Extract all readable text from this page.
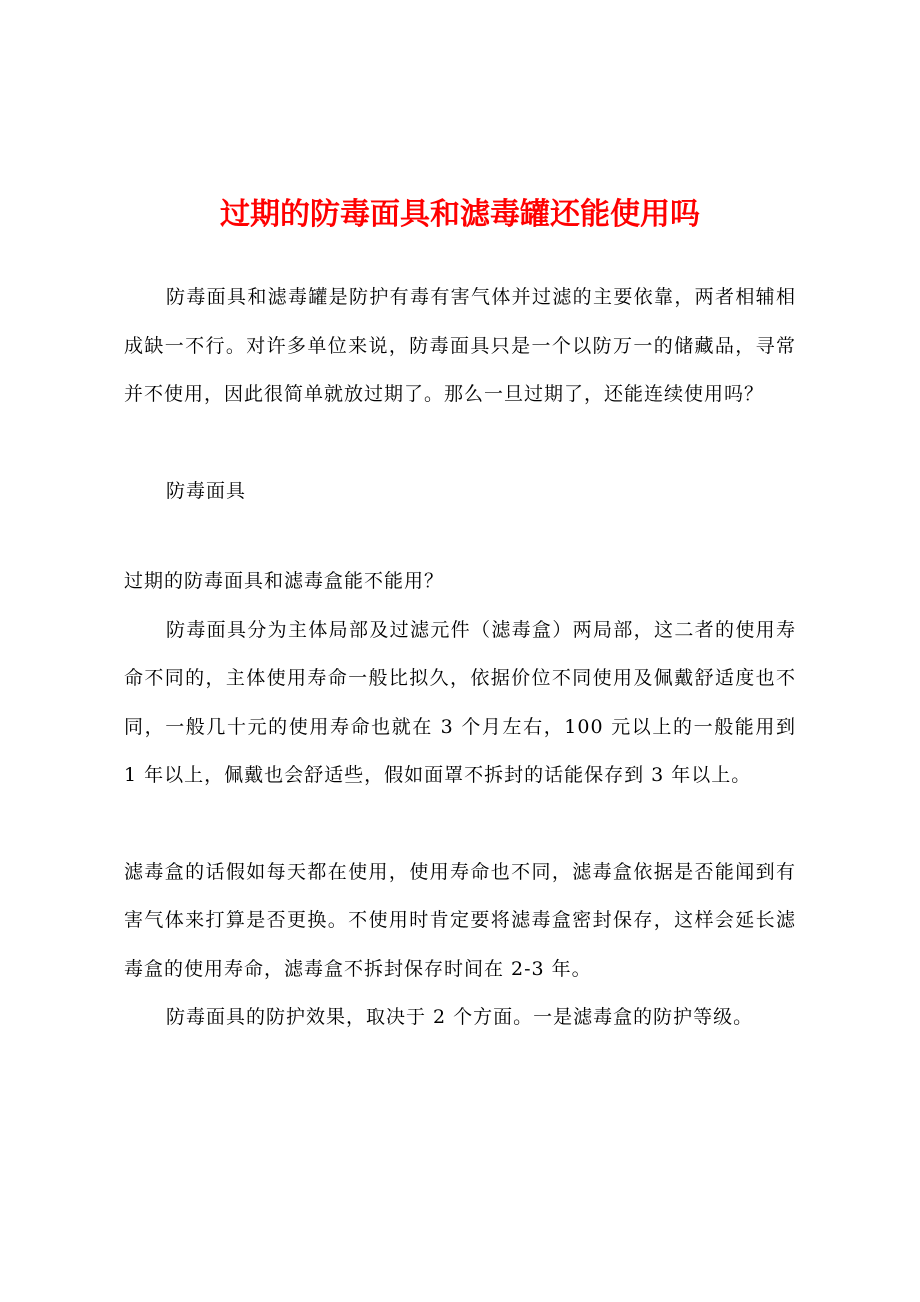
过期的防毒面具和滤毒罐还能使用吗

防毒面具和滤毒罐是防护有毒有害气体并过滤的主要依靠，两者相辅相成缺一不行。对许多单位来说，防毒面具只是一个以防万一的储藏品，寻常并不使用，因此很简单就放过期了。那么一旦过期了，还能连续使用吗？

防毒面具

过期的防毒面具和滤毒盒能不能用？

防毒面具分为主体局部及过滤元件（滤毒盒）两局部，这二者的使用寿命不同的，主体使用寿命一般比拟久，依据价位不同使用及佩戴舒适度也不同，一般几十元的使用寿命也就在 3 个月左右，100 元以上的一般能用到 1 年以上，佩戴也会舒适些，假如面罩不拆封的话能保存到 3 年以上。

滤毒盒的话假如每天都在使用，使用寿命也不同，滤毒盒依据是否能闻到有害气体来打算是否更换。不使用时肯定要将滤毒盒密封保存，这样会延长滤毒盒的使用寿命，滤毒盒不拆封保存时间在 2-3 年。

防毒面具的防护效果，取决于 2 个方面。一是滤毒盒的防护等级。
